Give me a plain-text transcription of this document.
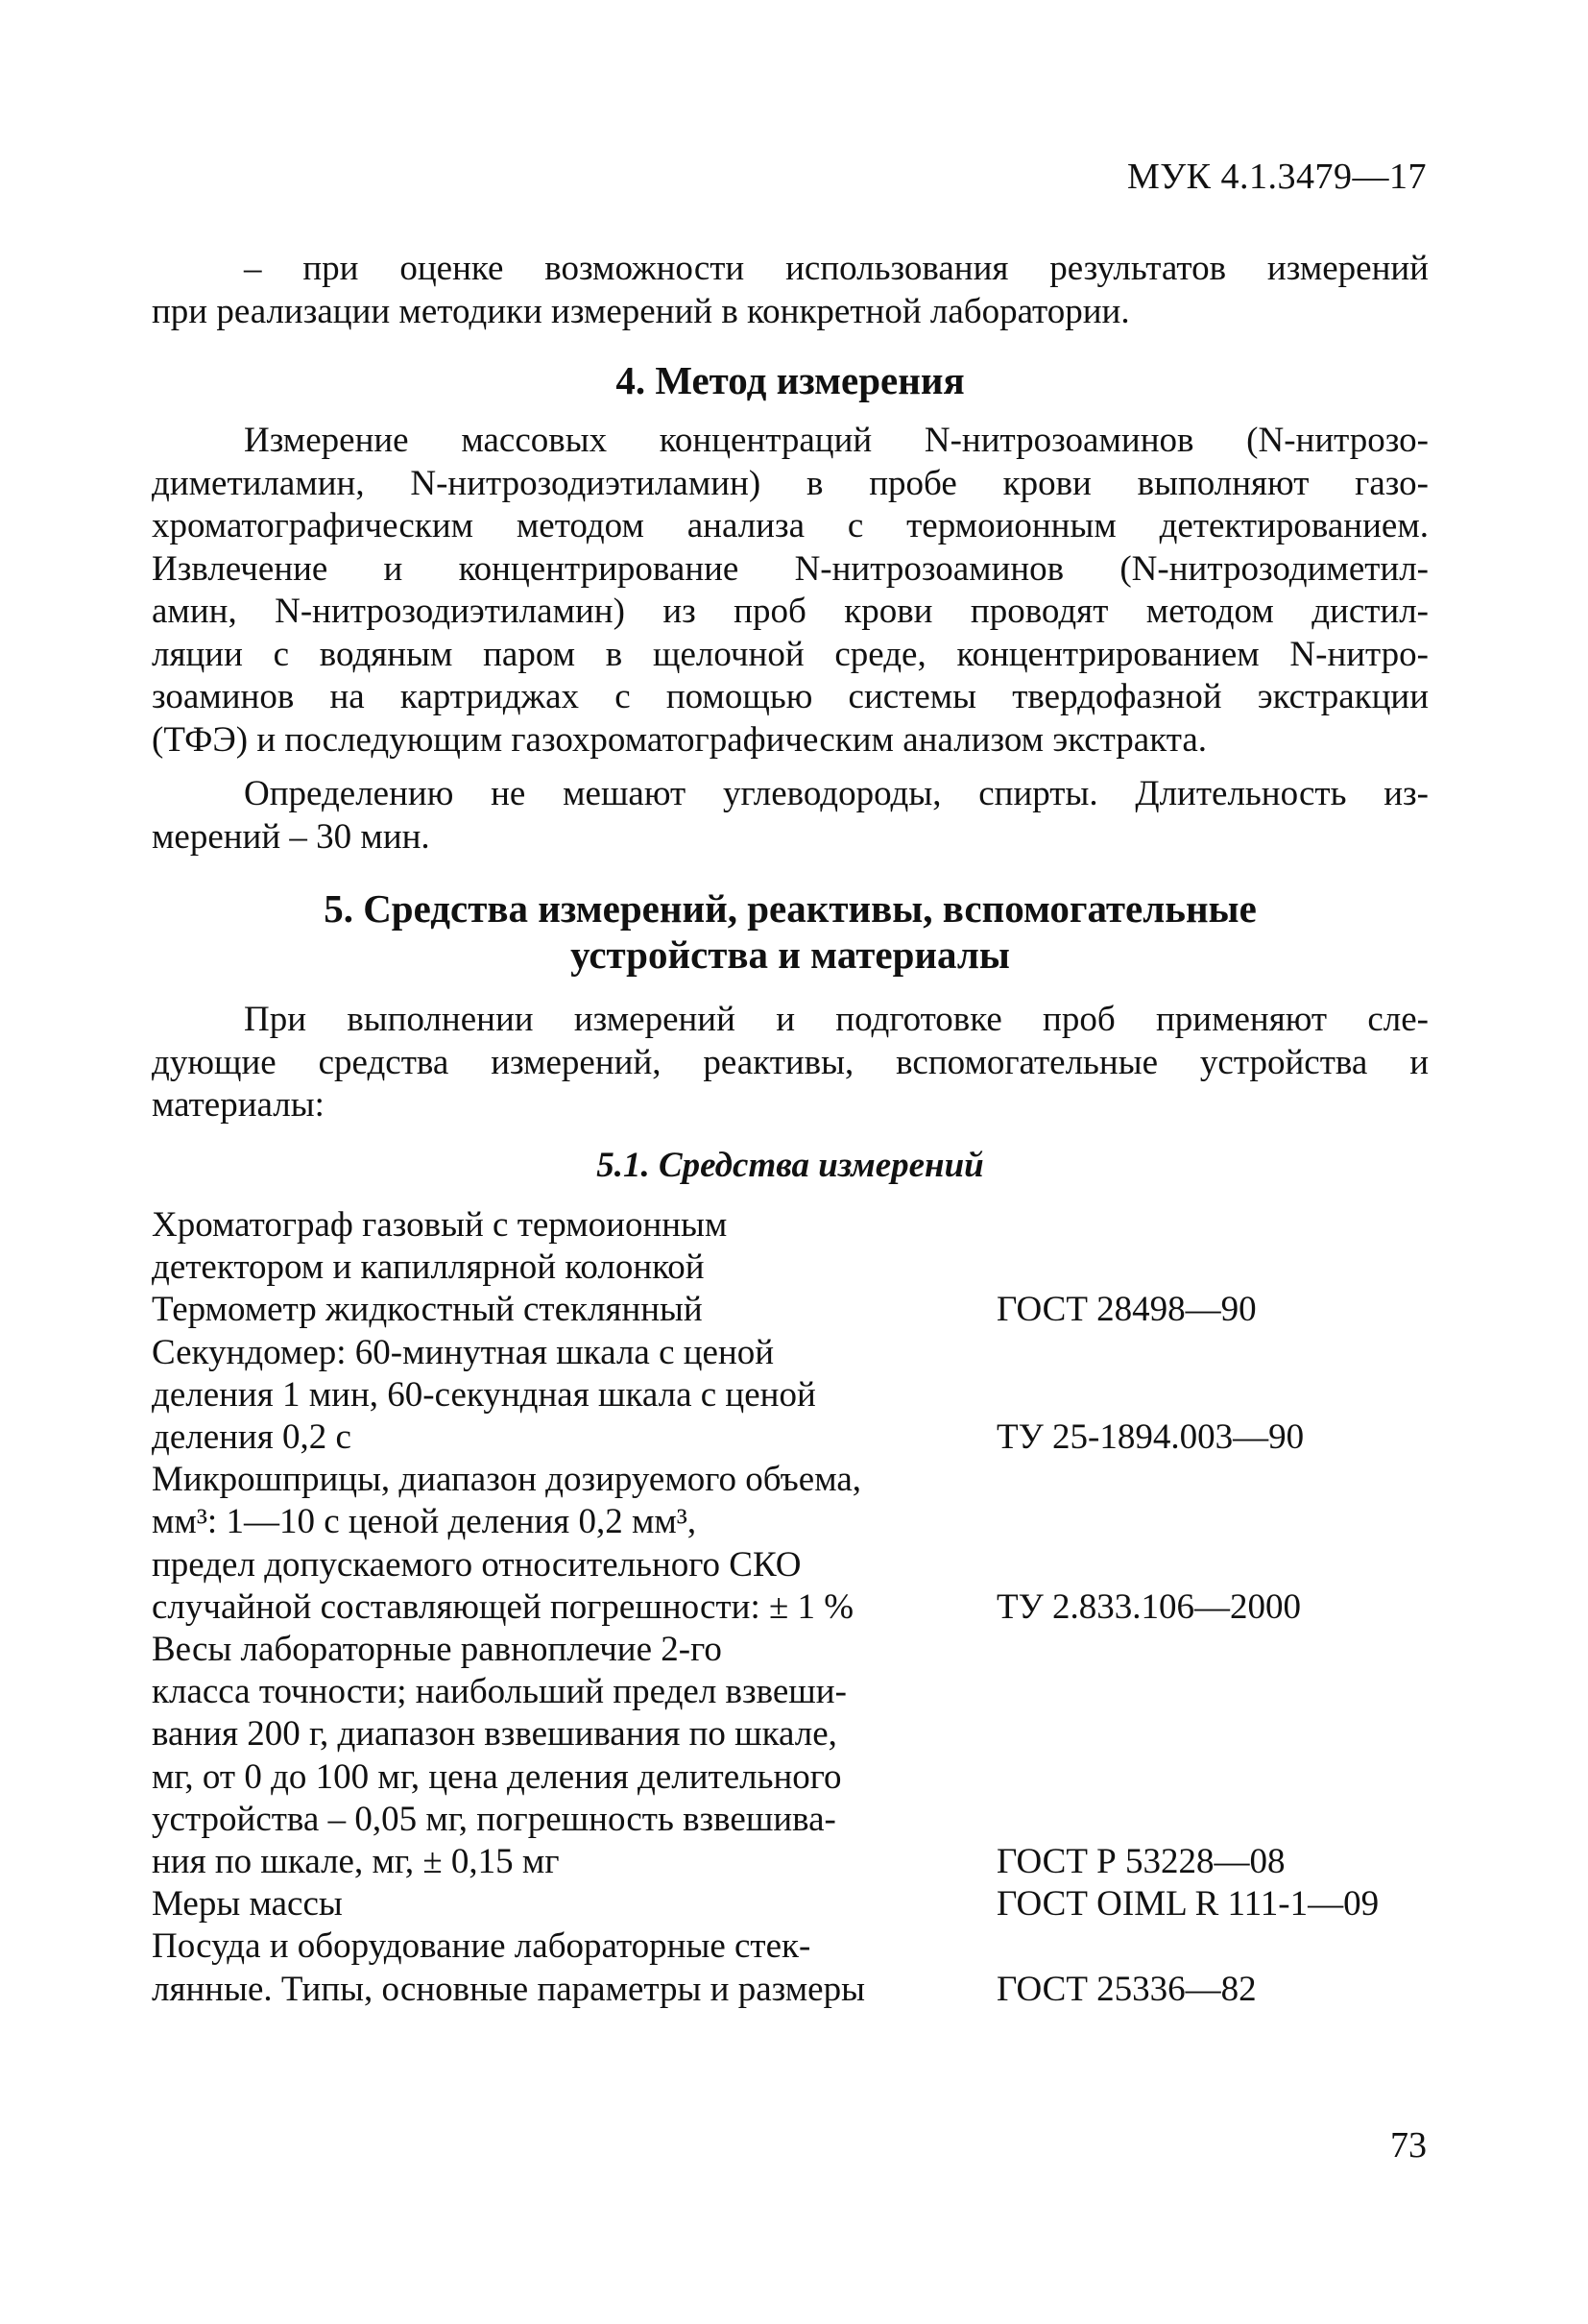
МУК 4.1.3479—17
– при оценке возможности использования результатов измерений
при реализации методики измерений в конкретной лаборатории.
4. Метод измерения
Измерение массовых концентраций N-нитрозоаминов (N-нитрозо-
диметиламин, N-нитрозодиэтиламин) в пробе крови выполняют газо-
хроматографическим методом анализа с термоионным детектированием.
Извлечение и концентрирование N-нитрозоаминов (N-нитрозодиметил-
амин, N-нитрозодиэтиламин) из проб крови проводят методом дистил-
ляции с водяным паром в щелочной среде, концентрированием N-нитро-
зоаминов на картриджах с помощью системы твердофазной экстракции
(ТФЭ) и последующим газохроматографическим анализом экстракта.
Определению не мешают углеводороды, спирты. Длительность из-
мерений – 30 мин.
5. Средства измерений, реактивы, вспомогательные
устройства и материалы
При выполнении измерений и подготовке проб применяют сле-
дующие средства измерений, реактивы, вспомогательные устройства и
материалы:
5.1. Средства измерений
Хроматограф газовый с термоионным
детектором и капиллярной колонкой
Термометр жидкостный стеклянный	ГОСТ 28498—90
Секундомер: 60-минутная шкала с ценой
деления 1 мин, 60-секундная шкала с ценой
деления 0,2 с	ТУ 25-1894.003—90
Микрошприцы, диапазон дозируемого объема,
мм³: 1—10 с ценой деления 0,2 мм³,
предел допускаемого относительного СКО
случайной составляющей погрешности: ± 1 %	ТУ 2.833.106—2000
Весы лабораторные равноплечие 2-го
класса точности; наибольший предел взвеши-
вания 200 г, диапазон взвешивания по шкале,
мг, от 0 до 100 мг, цена деления делительного
устройства – 0,05 мг, погрешность взвешива-
ния по шкале, мг, ± 0,15 мг	ГОСТ Р 53228—08
Меры массы	ГОСТ OIML R 111-1—09
Посуда и оборудование лабораторные стек-
лянные. Типы, основные параметры и размеры	ГОСТ 25336—82
73
